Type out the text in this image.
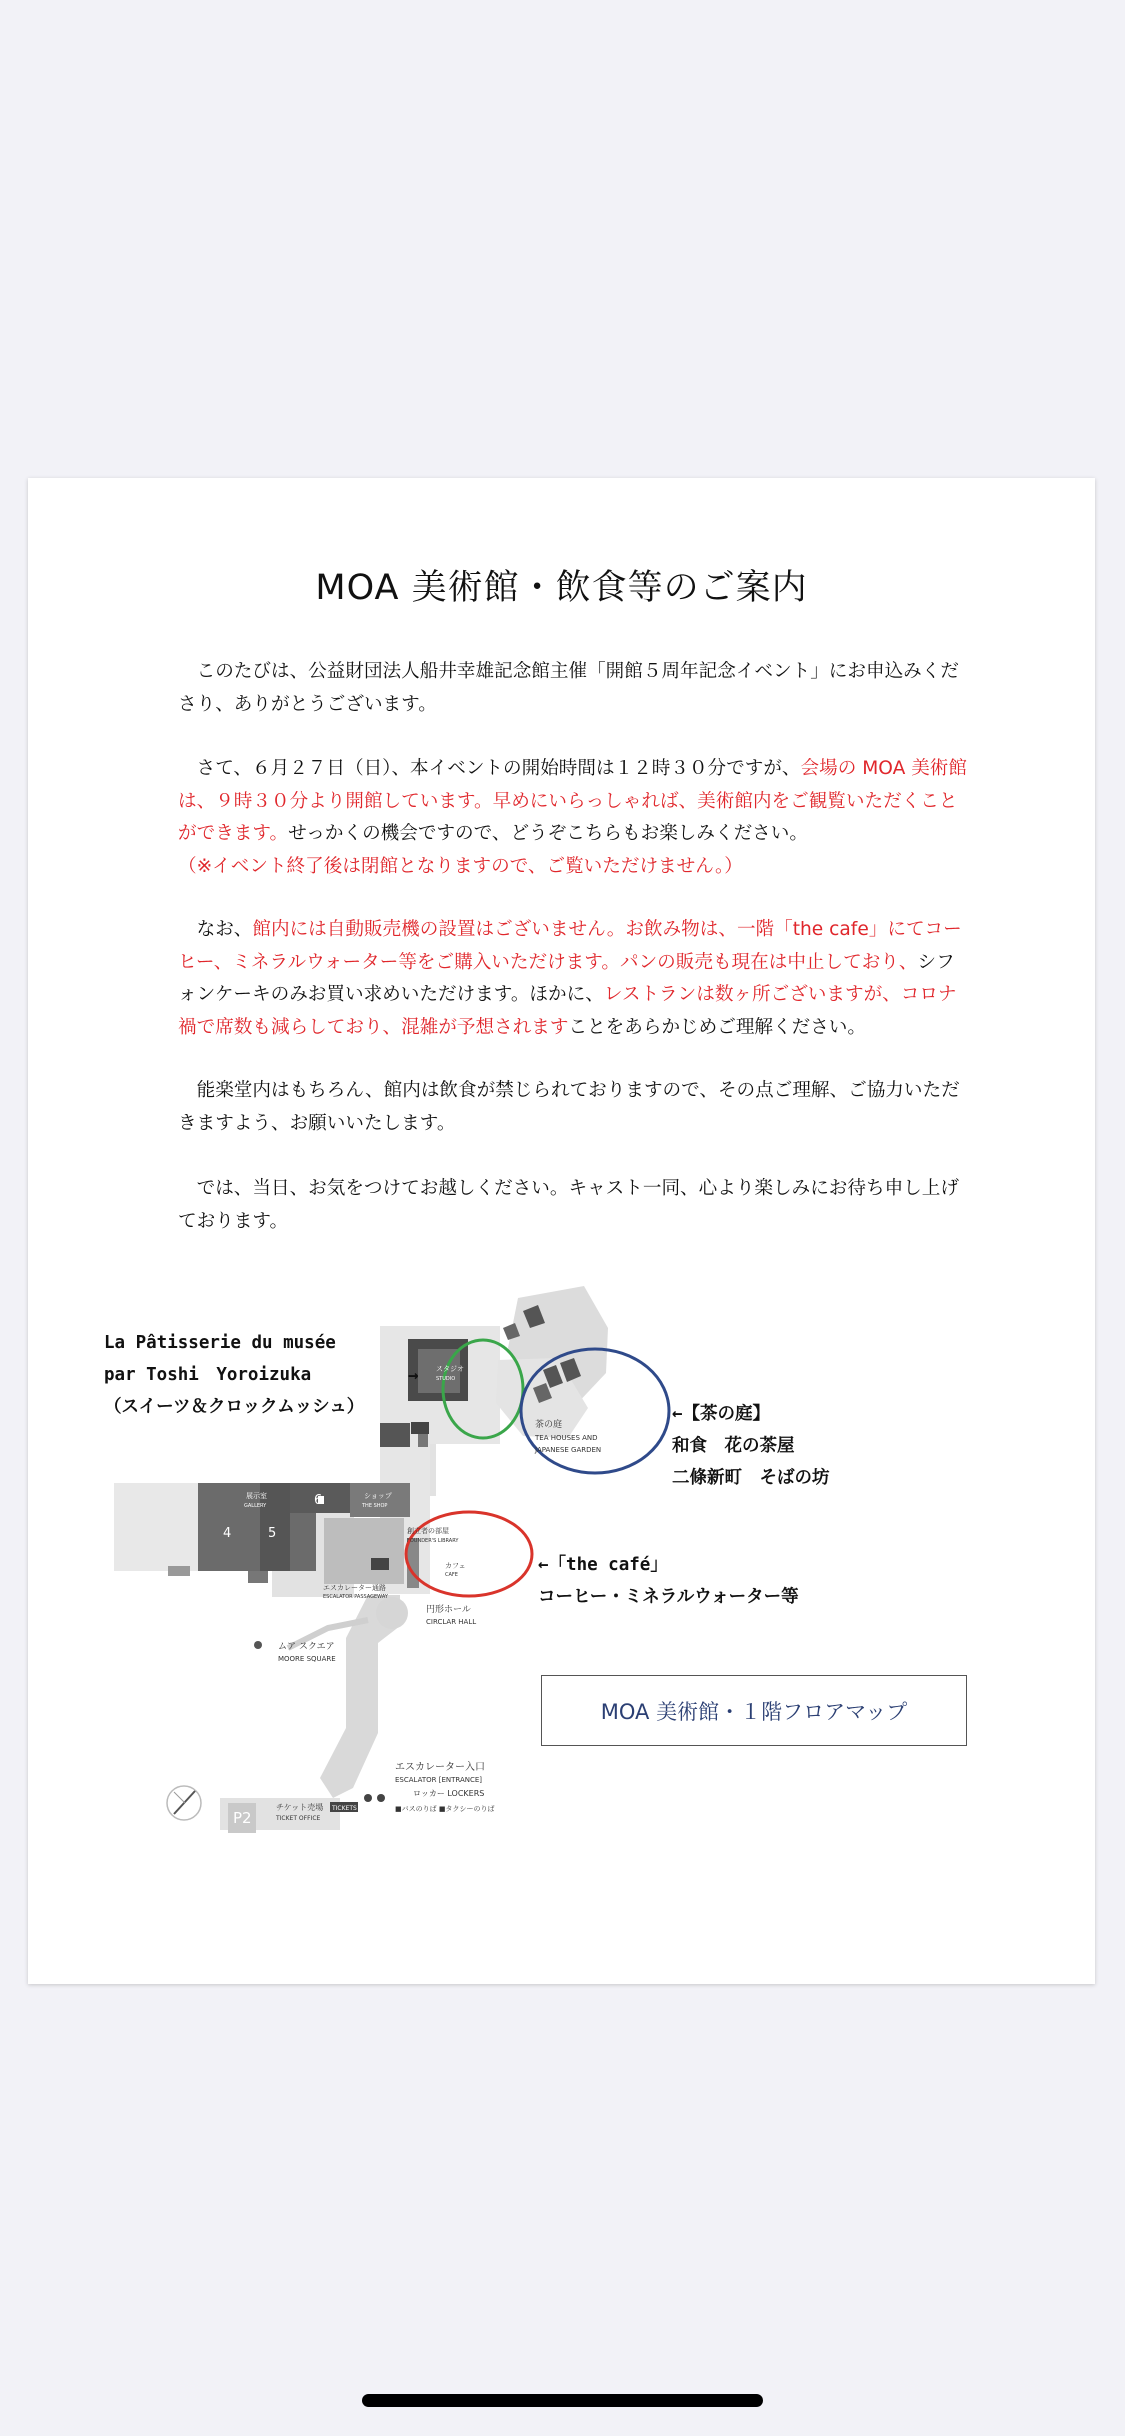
MOA 美術館・飲食等のご案内
　このたびは、公益財団法人船井幸雄記念館主催「開館５周年記念イベント」にお申込みくださり、ありがとうございます。
　さて、６月２７日（日）、本イベントの開始時間は１２時３０分ですが、会場の MOA 美術館は、９時３０分より開館しています。早めにいらっしゃれば、美術館内をご観覧いただくことができます。せっかくの機会ですので、どうぞこちらもお楽しみください。
（※イベント終了後は閉館となりますので、ご覧いただけません。）
　なお、館内には自動販売機の設置はございません。お飲み物は、一階「the cafe」にてコーヒー、ミネラルウォーター等をご購入いただけます。パンの販売も現在は中止しており、シフォンケーキのみお買い求めいただけます。ほかに、レストランは数ヶ所ございますが、コロナ禍で席数も減らしており、混雑が予想されますことをあらかじめご理解ください。
　能楽堂内はもちろん、館内は飲食が禁じられておりますので、その点ご理解、ご協力いただきますよう、お願いいたします。
　では、当日、お気をつけてお越しください。キャスト一同、心より楽しみにお待ち申し上げております。
スタジオ
STUDIO
茶の庭
TEA HOUSES AND
JAPANESE GARDEN
展示室
GALLERY
4	5
6	ショップ
THE SHOP
創立者の部屋
FOUNDER'S LIBRARY
カフェ
CAFE
エスカレーター通路
ESCALATOR PASSAGEWAY
円形ホール
CIRCLAR HALL
ムア スクエア
MOORE SQUARE
エスカレーター入口
ESCALATOR [ENTRANCE]
ロッカー LOCKERS
■バスのりば ■タクシーのりば
チケット売場
TICKET OFFICE
TICKETS
P2
La Pâtisserie du musée
par Toshi　Yoroizuka
（スイーツ＆クロックムッシュ）
→
←【茶の庭】
和食　花の茶屋
二條新町　そばの坊
←「the café」
コーヒー・ミネラルウォーター等
MOA 美術館・１階フロアマップ
